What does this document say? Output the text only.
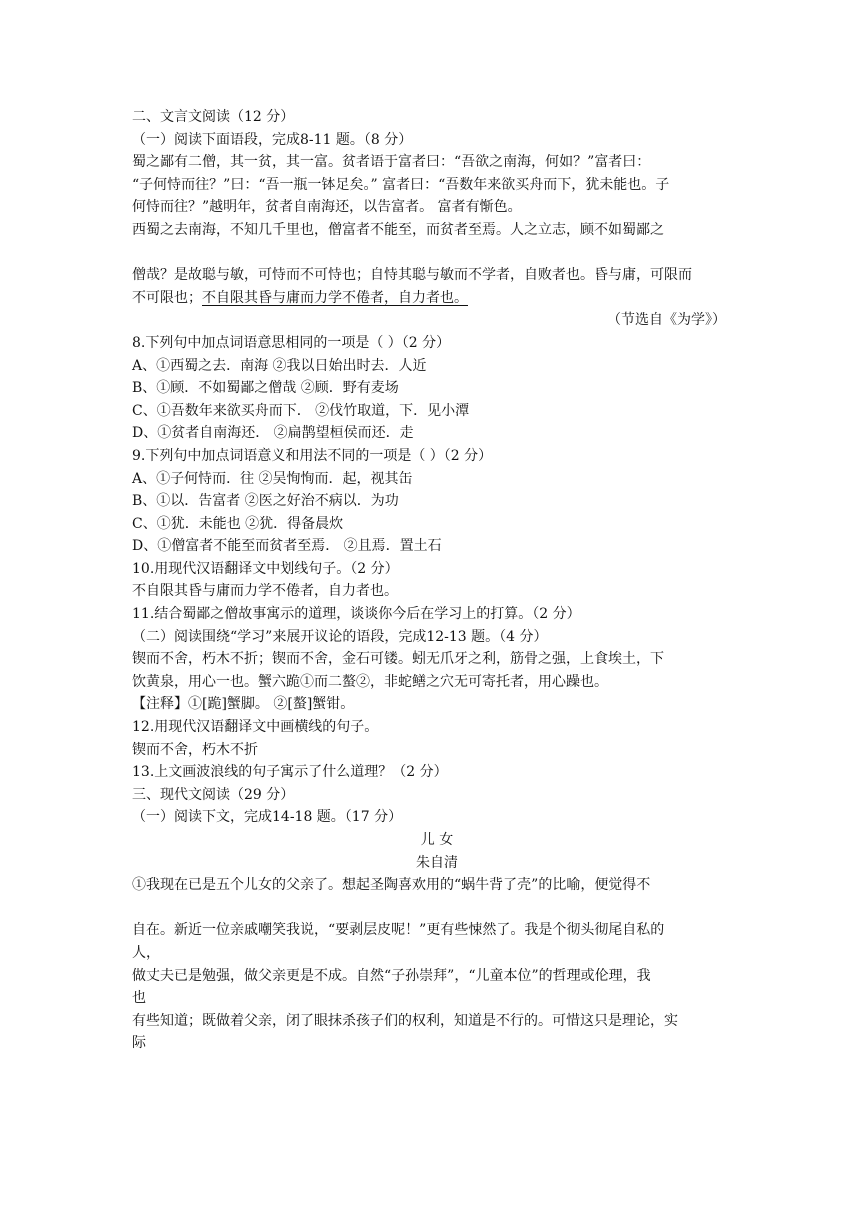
二、文言文阅读（12 分）
（一）阅读下面语段，完成8-11 题。（8 分）
蜀之鄙有二僧，其一贫，其一富。贫者语于富者曰：“吾欲之南海，何如？”富者曰：
“子何恃而往？”曰：“吾一瓶一钵足矣。” 富者曰：“吾数年来欲买舟而下，犹未能也。子
何恃而往？”越明年，贫者自南海还，以告富者。 富者有惭色。
西蜀之去南海，不知几千里也，僧富者不能至，而贫者至焉。人之立志，顾不如蜀鄙之
僧哉？是故聪与敏，可恃而不可恃也；自恃其聪与敏而不学者，自败者也。昏与庸，可限而
不可限也；不自限其昏与庸而力学不倦者，自力者也。
（节选自《为学》）
8.下列句中加点词语意思相同的一项是（ ）（2 分）
A、①西蜀之去．南海 ②我以日始出时去．人近
B、①顾．不如蜀鄙之僧哉 ②顾．野有麦场
C、①吾数年来欲买舟而下． ②伐竹取道，下．见小潭
D、①贫者自南海还． ②扁鹊望桓侯而还．走
9.下列句中加点词语意义和用法不同的一项是（ ）（2 分）
A、①子何恃而．往 ②吴恂恂而．起，视其缶
B、①以．告富者 ②医之好治不病以．为功
C、①犹．未能也 ②犹．得备晨炊
D、①僧富者不能至而贫者至焉． ②且焉．置土石
10.用现代汉语翻译文中划线句子。（2 分）
不自限其昏与庸而力学不倦者，自力者也。
11.结合蜀鄙之僧故事寓示的道理，谈谈你今后在学习上的打算。（2 分）
（二）阅读围绕“学习”来展开议论的语段，完成12-13 题。（4 分）
锲而不舍，朽木不折；锲而不舍，金石可镂。蚓无爪牙之利，筋骨之强，上食埃土，下
饮黄泉，用心一也。蟹六跪①而二螯②，非蛇鳝之穴无可寄托者，用心躁也。
【注释】①[跪]蟹脚。 ②[螯]蟹钳。
12.用现代汉语翻译文中画横线的句子。
锲而不舍，朽木不折
13.上文画波浪线的句子寓示了什么道理？（2 分）
三、现代文阅读（29 分）
（一）阅读下文，完成14-18 题。（17 分）
儿 女
朱自清
①我现在已是五个儿女的父亲了。想起圣陶喜欢用的“蜗牛背了壳”的比喻，便觉得不
自在。新近一位亲戚嘲笑我说，“要剥层皮呢！”更有些悚然了。我是个彻头彻尾自私的
人，
做丈夫已是勉强，做父亲更是不成。自然“子孙崇拜”，“儿童本位”的哲理或伦理，我
也
有些知道；既做着父亲，闭了眼抹杀孩子们的权利，知道是不行的。可惜这只是理论，实
际
